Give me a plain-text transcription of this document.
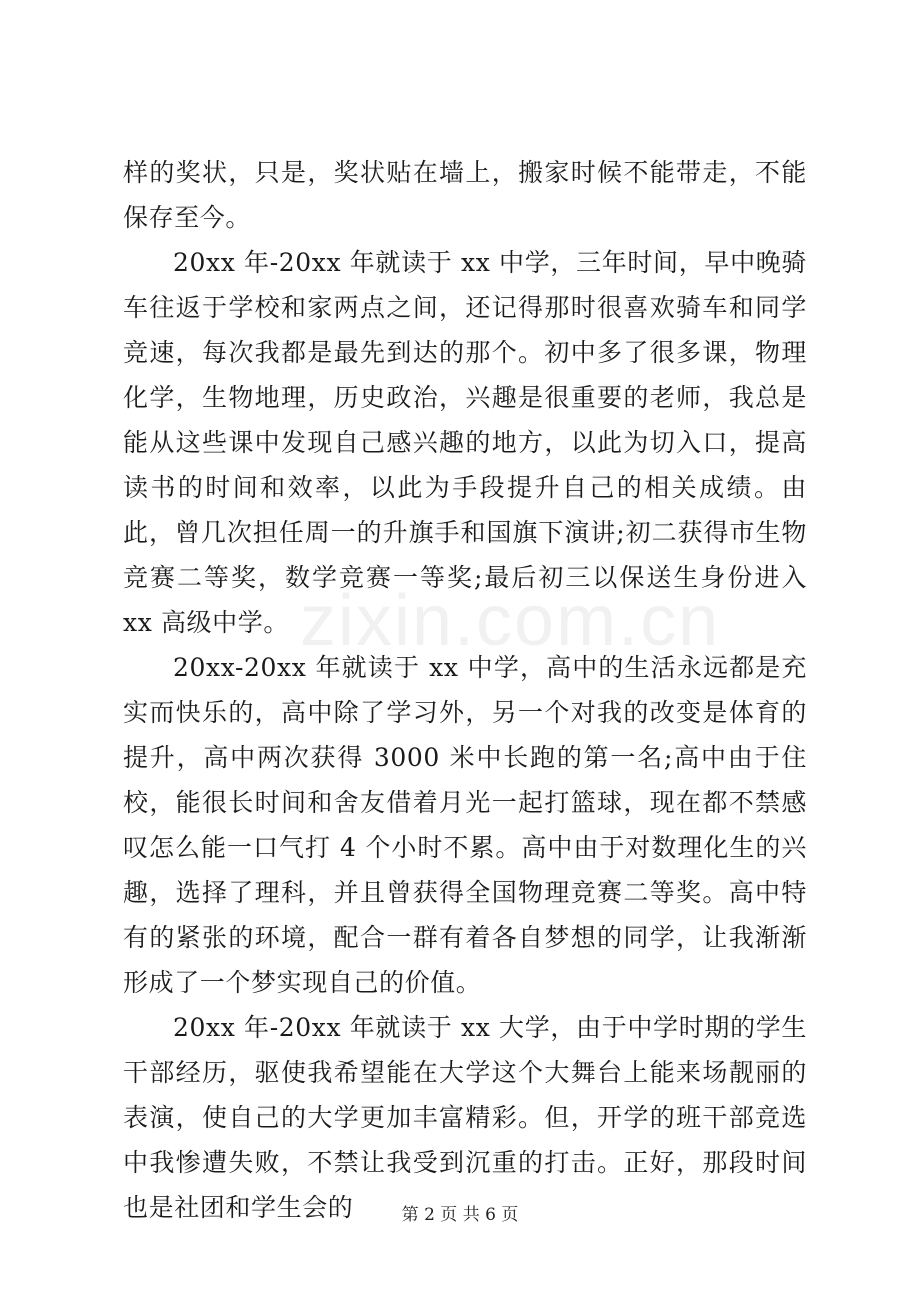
样的奖状，只是，奖状贴在墙上，搬家时候不能带走，不能保存至今。

20xx 年-20xx 年就读于 xx 中学，三年时间，早中晚骑车往返于学校和家两点之间，还记得那时很喜欢骑车和同学竞速，每次我都是最先到达的那个。初中多了很多课，物理化学，生物地理，历史政治，兴趣是很重要的老师，我总是能从这些课中发现自己感兴趣的地方，以此为切入口，提高读书的时间和效率，以此为手段提升自己的相关成绩。由此，曾几次担任周一的升旗手和国旗下演讲;初二获得市生物竞赛二等奖，数学竞赛一等奖;最后初三以保送生身份进入 xx 高级中学。

20xx-20xx 年就读于 xx 中学，高中的生活永远都是充实而快乐的，高中除了学习外，另一个对我的改变是体育的提升，高中两次获得 3000 米中长跑的第一名;高中由于住校，能很长时间和舍友借着月光一起打篮球，现在都不禁感叹怎么能一口气打 4 个小时不累。高中由于对数理化生的兴趣，选择了理科，并且曾获得全国物理竞赛二等奖。高中特有的紧张的环境，配合一群有着各自梦想的同学，让我渐渐形成了一个梦实现自己的价值。

20xx 年-20xx 年就读于 xx 大学，由于中学时期的学生干部经历，驱使我希望能在大学这个大舞台上能来场靓丽的表演，使自己的大学更加丰富精彩。但，开学的班干部竞选中我惨遭失败，不禁让我受到沉重的打击。正好，那段时间也是社团和学生会的

zixin.com.cn
第 2 页 共 6 页
